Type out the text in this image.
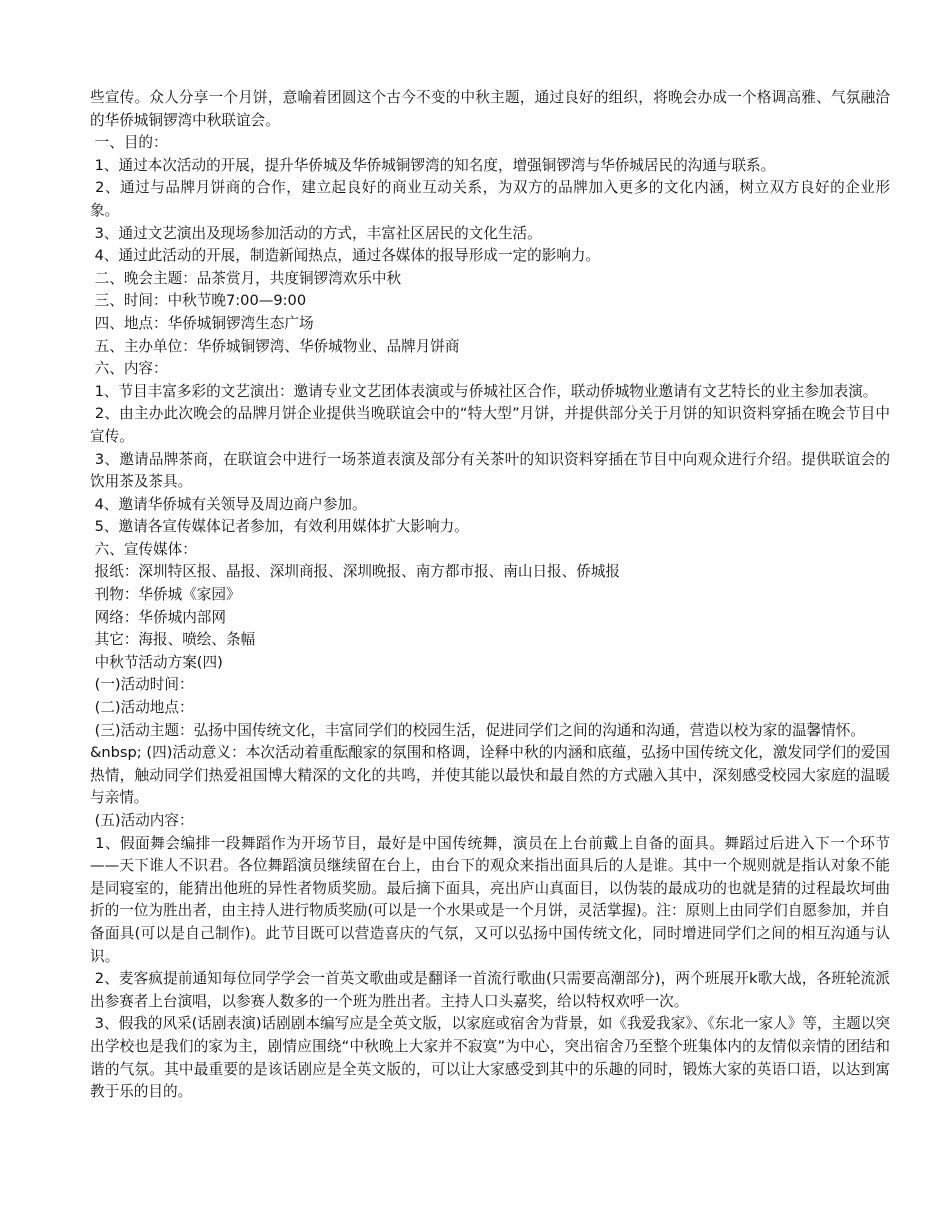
些宣传。众人分享一个月饼，意喻着团圆这个古今不变的中秋主题，通过良好的组织，将晚会办成一个格调高雅、气氛融洽的华侨城铜锣湾中秋联谊会。

一、目的：

1、通过本次活动的开展，提升华侨城及华侨城铜锣湾的知名度，增强铜锣湾与华侨城居民的沟通与联系。

2、通过与品牌月饼商的合作，建立起良好的商业互动关系，为双方的品牌加入更多的文化内涵，树立双方良好的企业形象。

3、通过文艺演出及现场参加活动的方式，丰富社区居民的文化生活。

4、通过此活动的开展，制造新闻热点，通过各媒体的报导形成一定的影响力。

二、晚会主题：品茶赏月，共度铜锣湾欢乐中秋

三、时间：中秋节晚7:00—9:00

四、地点：华侨城铜锣湾生态广场

五、主办单位：华侨城铜锣湾、华侨城物业、品牌月饼商

六、内容：

1、节目丰富多彩的文艺演出：邀请专业文艺团体表演或与侨城社区合作，联动侨城物业邀请有文艺特长的业主参加表演。

2、由主办此次晚会的品牌月饼企业提供当晚联谊会中的“特大型”月饼，并提供部分关于月饼的知识资料穿插在晚会节目中宣传。

3、邀请品牌茶商，在联谊会中进行一场茶道表演及部分有关茶叶的知识资料穿插在节目中向观众进行介绍。提供联谊会的饮用茶及茶具。

4、邀请华侨城有关领导及周边商户参加。

5、邀请各宣传媒体记者参加，有效利用媒体扩大影响力。

六、宣传媒体：

报纸：深圳特区报、晶报、深圳商报、深圳晚报、南方都市报、南山日报、侨城报

刊物：华侨城《家园》

网络：华侨城内部网

其它：海报、喷绘、条幅

中秋节活动方案(四)

(一)活动时间：

(二)活动地点：

(三)活动主题：弘扬中国传统文化，丰富同学们的校园生活，促进同学们之间的沟通和沟通，营造以校为家的温馨情怀。

&nbsp; (四)活动意义：本次活动着重酝酿家的氛围和格调，诠释中秋的内涵和底蕴，弘扬中国传统文化，激发同学们的爱国热情，触动同学们热爱祖国博大精深的文化的共鸣，并使其能以最快和最自然的方式融入其中，深刻感受校园大家庭的温暖与亲情。

(五)活动内容：

1、假面舞会编排一段舞蹈作为开场节目，最好是中国传统舞，演员在上台前戴上自备的面具。舞蹈过后进入下一个环节——天下谁人不识君。各位舞蹈演员继续留在台上，由台下的观众来指出面具后的人是谁。其中一个规则就是指认对象不能是同寝室的，能猜出他班的异性者物质奖励。最后摘下面具，亮出庐山真面目，以伪装的最成功的也就是猜的过程最坎坷曲折的一位为胜出者，由主持人进行物质奖励(可以是一个水果或是一个月饼，灵活掌握)。注：原则上由同学们自愿参加，并自备面具(可以是自己制作)。此节目既可以营造喜庆的气氛，又可以弘扬中国传统文化，同时增进同学们之间的相互沟通与认识。

2、麦客疯提前通知每位同学学会一首英文歌曲或是翻译一首流行歌曲(只需要高潮部分)，两个班展开k歌大战，各班轮流派出参赛者上台演唱，以参赛人数多的一个班为胜出者。主持人口头嘉奖，给以特权欢呼一次。

3、假我的风采(话剧表演)话剧剧本编写应是全英文版，以家庭或宿舍为背景，如《我爱我家》、《东北一家人》等，主题以突出学校也是我们的家为主，剧情应围绕“中秋晚上大家并不寂寞”为中心，突出宿舍乃至整个班集体内的友情似亲情的团结和谐的气氛。其中最重要的是该话剧应是全英文版的，可以让大家感受到其中的乐趣的同时，锻炼大家的英语口语，以达到寓教于乐的目的。
